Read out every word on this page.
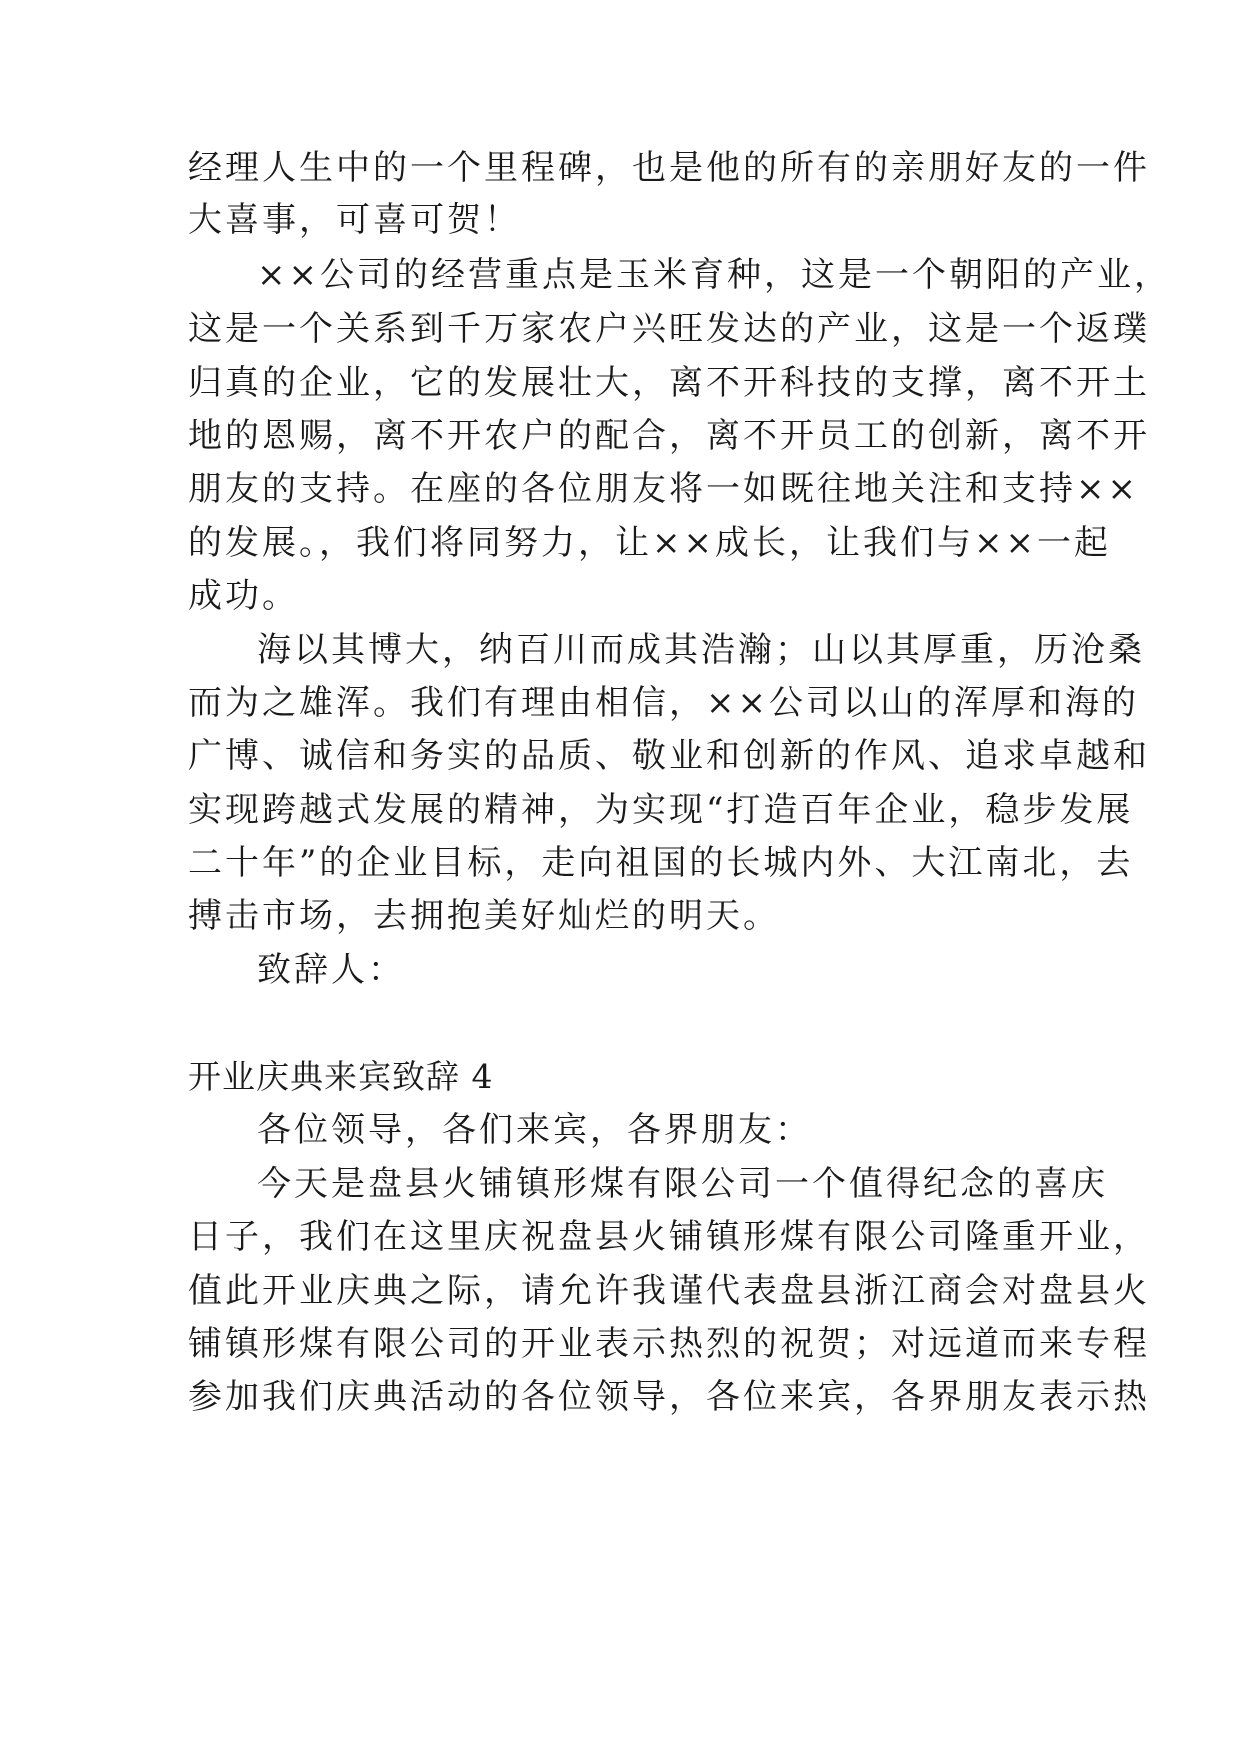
经理人生中的一个里程碑，也是他的所有的亲朋好友的一件
大喜事，可喜可贺！
××公司的经营重点是玉米育种，这是一个朝阳的产业，
这是一个关系到千万家农户兴旺发达的产业，这是一个返璞
归真的企业，它的发展壮大，离不开科技的支撑，离不开土
地的恩赐，离不开农户的配合，离不开员工的创新，离不开
朋友的支持。在座的各位朋友将一如既往地关注和支持××
的发展。，我们将同努力，让××成长，让我们与××一起
成功。
海以其博大，纳百川而成其浩瀚；山以其厚重，历沧桑
而为之雄浑。我们有理由相信，××公司以山的浑厚和海的
广博、诚信和务实的品质、敬业和创新的作风、追求卓越和
实现跨越式发展的精神，为实现“打造百年企业，稳步发展
二十年”的企业目标，走向祖国的长城内外、大江南北，去
搏击市场，去拥抱美好灿烂的明天。
致辞人：
开业庆典来宾致辞 4
各位领导，各们来宾，各界朋友：
今天是盘县火铺镇形煤有限公司一个值得纪念的喜庆
日子，我们在这里庆祝盘县火铺镇形煤有限公司隆重开业，
值此开业庆典之际，请允许我谨代表盘县浙江商会对盘县火
铺镇形煤有限公司的开业表示热烈的祝贺；对远道而来专程
参加我们庆典活动的各位领导，各位来宾，各界朋友表示热
